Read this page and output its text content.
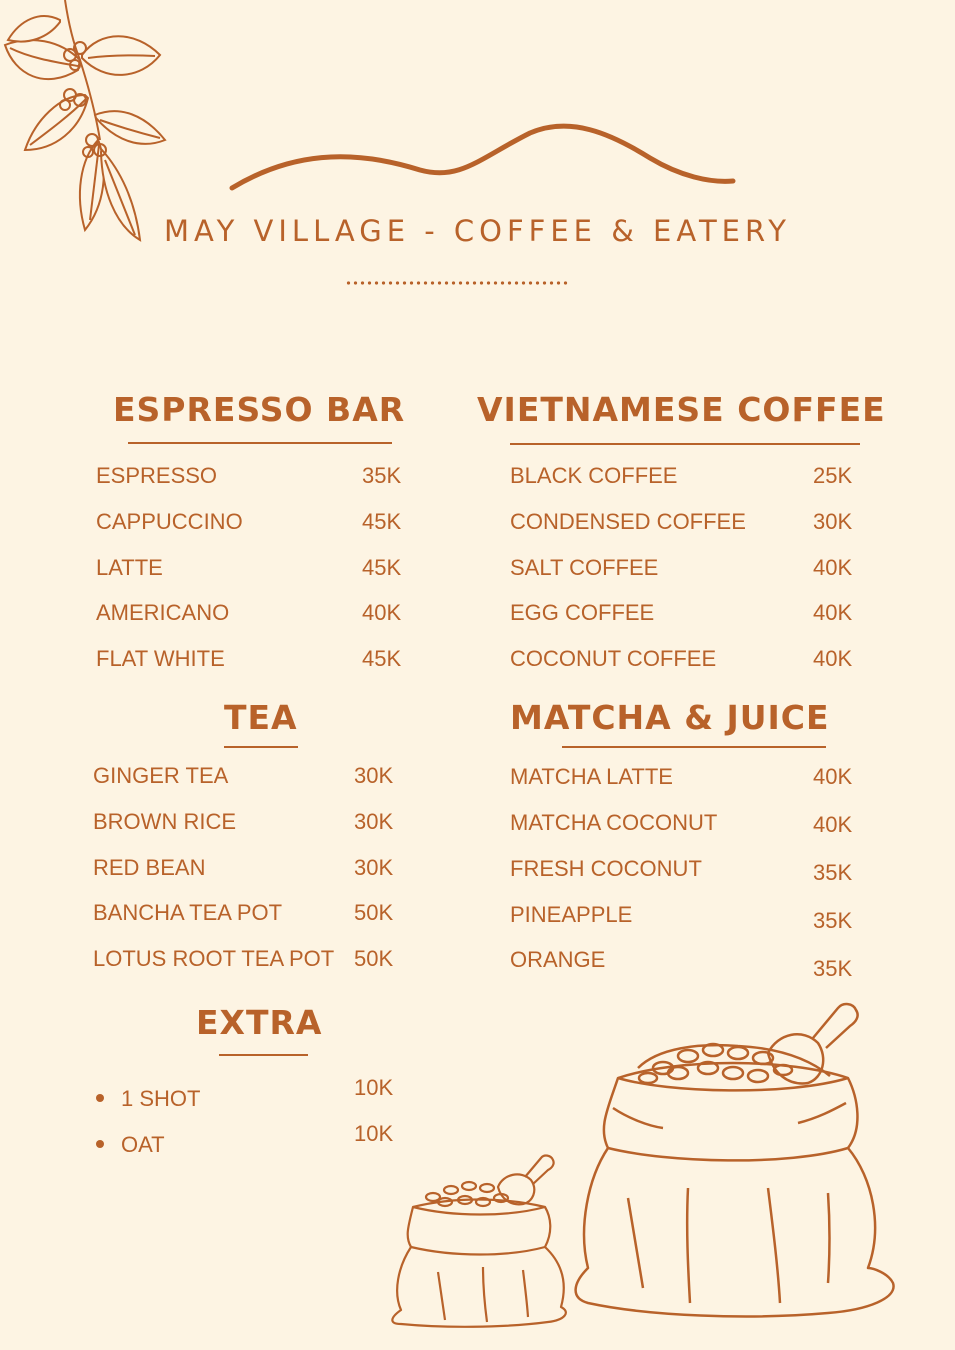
MAY VILLAGE - COFFEE & EATERY
ESPRESSO BAR
ESPRESSO	35K
CAPPUCCINO	45K
LATTE	45K
AMERICANO	40K
FLAT WHITE	45K
VIETNAMESE COFFEE
BLACK COFFEE	25K
CONDENSED COFFEE	30K
SALT COFFEE	40K
EGG COFFEE	40K
COCONUT COFFEE	40K
TEA
GINGER TEA	30K
BROWN RICE	30K
RED BEAN	30K
BANCHA TEA POT	50K
LOTUS ROOT TEA POT 50K
MATCHA & JUICE
MATCHA LATTE	40K
MATCHA COCONUT	40K
FRESH COCONUT	35K
PINEAPPLE	35K
ORANGE	35K
EXTRA
1 SHOT	10K
OAT	10K
